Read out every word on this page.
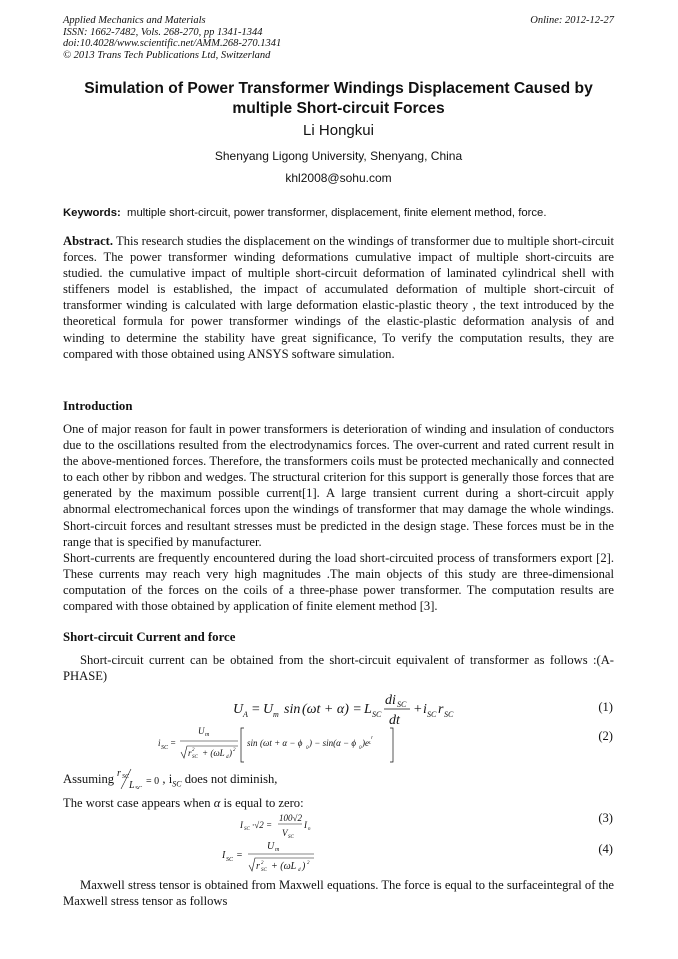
Applied Mechanics and Materials
ISSN: 1662-7482, Vols. 268-270, pp 1341-1344
doi:10.4028/www.scientific.net/AMM.268-270.1341
© 2013 Trans Tech Publications Ltd, Switzerland
Online: 2012-12-27
Simulation of Power Transformer Windings Displacement Caused by
multiple Short-circuit Forces
Li Hongkui
Shenyang Ligong University, Shenyang, China
khl2008@sohu.com
Keywords: multiple short-circuit, power transformer, displacement, finite element method, force.
Abstract. This research studies the displacement on the windings of transformer due to multiple short-circuit forces. The power transformer winding deformations cumulative impact of multiple short-circuits are studied. the cumulative impact of multiple short-circuit deformation of laminated cylindrical shell with stiffeners model is established, the impact of accumulated deformation of multiple short-circuit of transformer winding is calculated with large deformation elastic-plastic theory , the text introduced by the theoretical formula for power transformer windings of the elastic-plastic deformation analysis of and winding to determine the stability have great significance, To verify the computation results, they are compared with those obtained using ANSYS software simulation.
Introduction
One of major reason for fault in power transformers is deterioration of winding and insulation of conductors due to the oscillations resulted from the electrodynamics forces. The over-current and rated current result in the above-mentioned forces. Therefore, the transformers coils must be protected mechanically and connected to each other by ribbon and wedges. The structural criterion for this support is generally those forces that are generated by the maximum possible current[1]. A large transient current during a short-circuit apply abnormal electromechanical forces upon the windings of transformer that may damage the whole windings. Short-circuit forces and resultant stresses must be predicted in the design stage. These forces must be in the range that is specified by manufacturer.
Short-currents are frequently encountered during the load short-circuited process of transformers export [2]. These currents may reach very high magnitudes .The main objects of this study are three-dimensional computation of the forces on the coils of a three-phase power transformer. The computation results are compared with those obtained by application of finite element method [3].
Short-circuit Current and force
Short-circuit current can be obtained from the short-circuit equivalent of transformer as follows :(A-PHASE)
U A = U m sin (ωt + α) = L SC
di SC
dt
+ i SC r SC
(1)
i SC =
U m
r 2
SC + (ωL d ) 2
sin (ωt + α − ϕ
0
) − sin(α − ϕ
0
)e r
L	(2)
Assuming r SC
L SC
= 0 , $i_{SC}$ does not diminish,
The worst case appears when α is equal to zero:
I SC ·√2 =
100√2
V SC
I n
(3)
I SC =
U m
r 2
SC + (ωL d ) 2
(4)
Maxwell stress tensor is obtained from Maxwell equations. The force is equal to the surfaceintegral of the Maxwell stress tensor as follows
